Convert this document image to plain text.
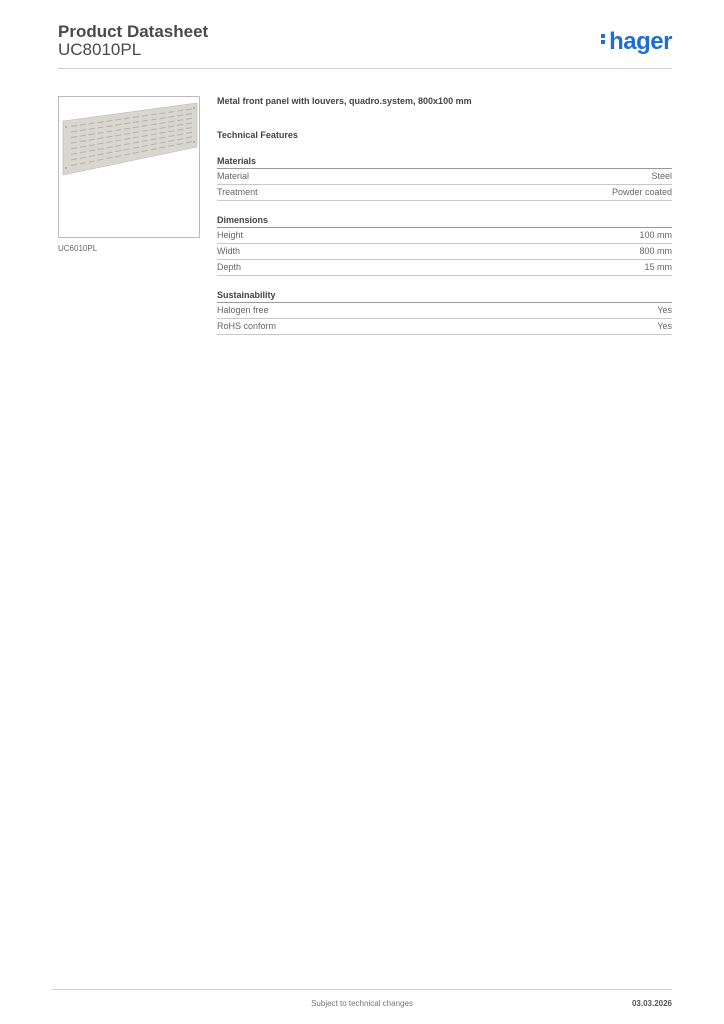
Product Datasheet
UC8010PL	hager
UC6010PL
Metal front panel with louvers, quadro.system, 800x100 mm
Technical Features
Materials
Material	Steel
Treatment	Powder coated
Dimensions
Height	100 mm
Width	800 mm
Depth	15 mm
Sustainability
Halogen free	Yes
RoHS conform	Yes
Subject to technical changes	03.03.2026
